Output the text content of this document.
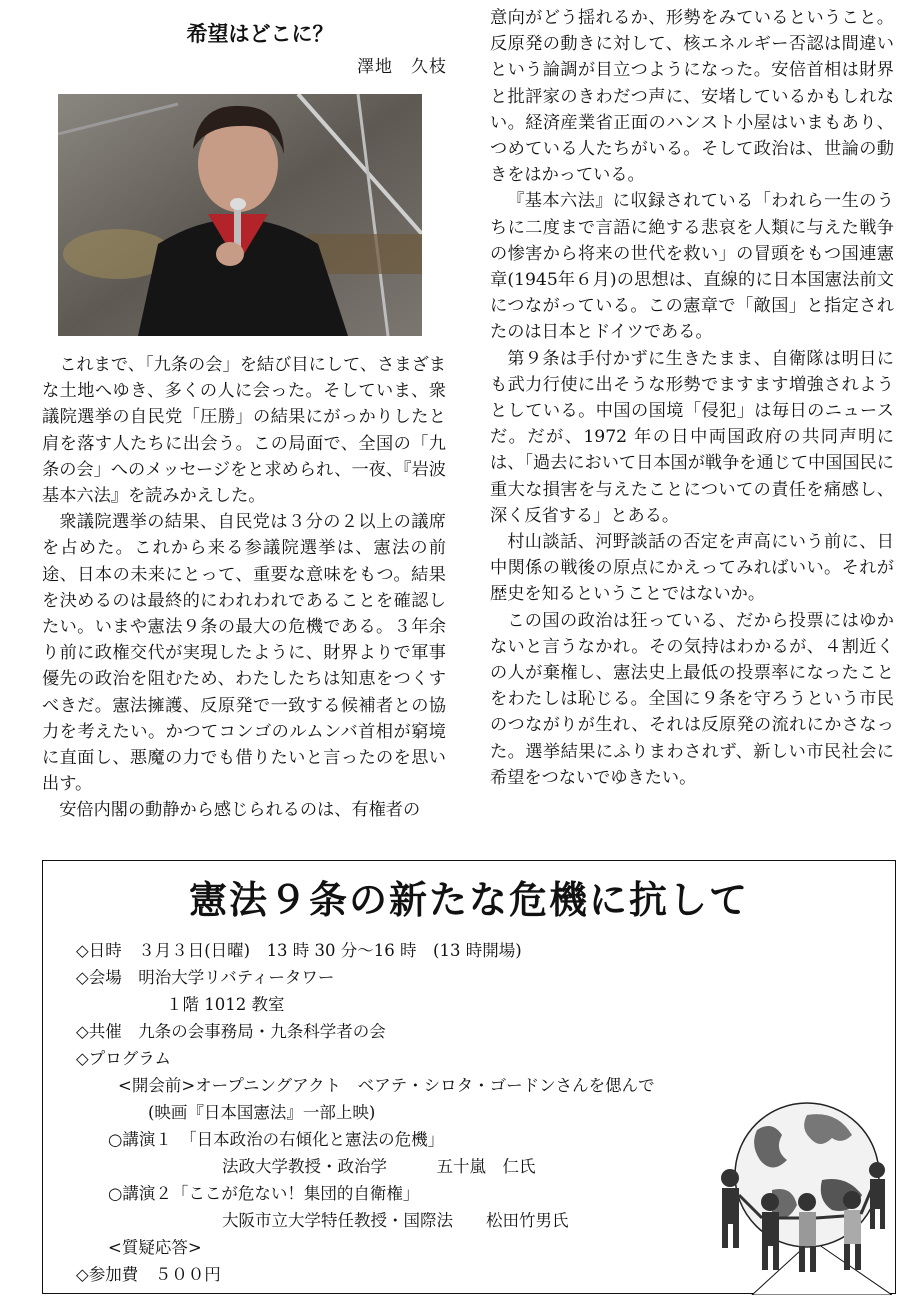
希望はどこに？
澤地　久枝

これまで、「九条の会」を結び目にして、さまざまな土地へゆき、多くの人に会った。そしていま、衆議院選挙の自民党「圧勝」の結果にがっかりしたと肩を落す人たちに出会う。この局面で、全国の「九条の会」へのメッセージをと求められ、一夜、『岩波基本六法』を読みかえした。

衆議院選挙の結果、自民党は３分の２以上の議席を占めた。これから来る参議院選挙は、憲法の前途、日本の未来にとって、重要な意味をもつ。結果を決めるのは最終的にわれわれであることを確認したい。いまや憲法９条の最大の危機である。３年余り前に政権交代が実現したように、財界よりで軍事優先の政治を阻むため、わたしたちは知恵をつくすべきだ。憲法擁護、反原発で一致する候補者との協力を考えたい。かつてコンゴのルムンバ首相が窮境に直面し、悪魔の力でも借りたいと言ったのを思い出す。

安倍内閣の動静から感じられるのは、有権者の

意向がどう揺れるか、形勢をみているということ。反原発の動きに対して、核エネルギー否認は間違いという論調が目立つようになった。安倍首相は財界と批評家のきわだつ声に、安堵しているかもしれない。経済産業省正面のハンスト小屋はいまもあり、つめている人たちがいる。そして政治は、世論の動きをはかっている。

『基本六法』に収録されている「われら一生のうちに二度まで言語に絶する悲哀を人類に与えた戦争の惨害から将来の世代を救い」の冒頭をもつ国連憲章(1945年６月)の思想は、直線的に日本国憲法前文につながっている。この憲章で「敵国」と指定されたのは日本とドイツである。

第９条は手付かずに生きたまま、自衛隊は明日にも武力行使に出そうな形勢でますます増強されようとしている。中国の国境「侵犯」は毎日のニュースだ。だが、1972 年の日中両国政府の共同声明には、「過去において日本国が戦争を通じて中国国民に重大な損害を与えたことについての責任を痛感し、深く反省する」とある。

村山談話、河野談話の否定を声高にいう前に、日中関係の戦後の原点にかえってみればいい。それが歴史を知るということではないか。

この国の政治は狂っている、だから投票にはゆかないと言うなかれ。その気持はわかるが、４割近くの人が棄権し、憲法史上最低の投票率になったことをわたしは恥じる。全国に９条を守ろうという市民のつながりが生れ、それは反原発の流れにかさなった。選挙結果にふりまわされず、新しい市民社会に希望をつないでゆきたい。

憲法９条の新たな危機に抗して
◇日時　３月３日(日曜)　13 時 30 分～16 時　(13 時開場)
◇会場　明治大学リバティータワー
１階 1012 教室
◇共催　九条の会事務局・九条科学者の会
◇プログラム
<開会前>オープニングアクト　ベアテ・シロタ・ゴードンさんを偲んで
(映画『日本国憲法』一部上映)
○講演１　「日本政治の右傾化と憲法の危機」
法政大学教授・政治学　　　五十嵐　仁氏
○講演２「ここが危ない！集団的自衛権」
大阪市立大学特任教授・国際法　　松田竹男氏
<質疑応答>
◇参加費　５００円
